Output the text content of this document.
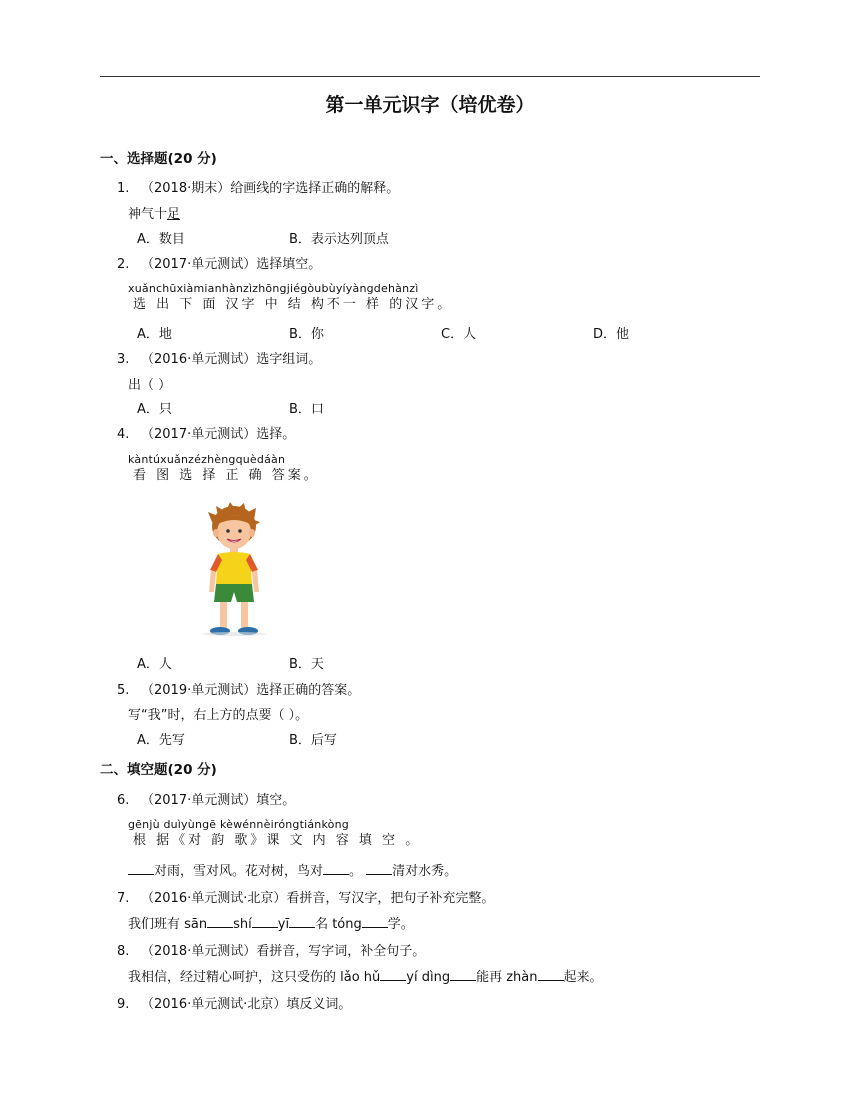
第一单元识字（培优卷）
一、选择题(20 分)
1. （2018·期末）给画线的字选择正确的解释。
神气十足
A．数目	B．表示达列顶点
2. （2017·单元测试）选择填空。
xuǎnchūxiàmianhànzìzhōngjiégòubùyíyàngdehànzì
选 出 下 面 汉字 中 结 构不一 样 的汉字。
A．地	B．你	C．人	D．他
3. （2016·单元测试）选字组词。
出（ ）
A．只	B．口
4. （2017·单元测试）选择。
kàntúxuǎnzézhèngquèdáàn
看 图 选 择 正 确 答案。
A．人	B．天
5. （2019·单元测试）选择正确的答案。
写“我”时，右上方的点要（ ）。
A．先写	B．后写
二、填空题(20 分)
6. （2017·单元测试）填空。
gēnjù duìyùngē kèwénnèiróngtiánkòng
根 据《对 韵 歌》课 文 内 容 填 空 。
对雨，雪对风。花对树，鸟对 。 清对水秀。
7. （2016·单元测试·北京）看拼音，写汉字，把句子补充完整。
我们班有 sān shí yī 名 tóng 学。
8. （2018·单元测试）看拼音，写字词，补全句子。
我相信，经过精心呵护，这只受伤的 lǎo hǔ yí dìng 能再 zhàn 起来。
9. （2016·单元测试·北京）填反义词。
